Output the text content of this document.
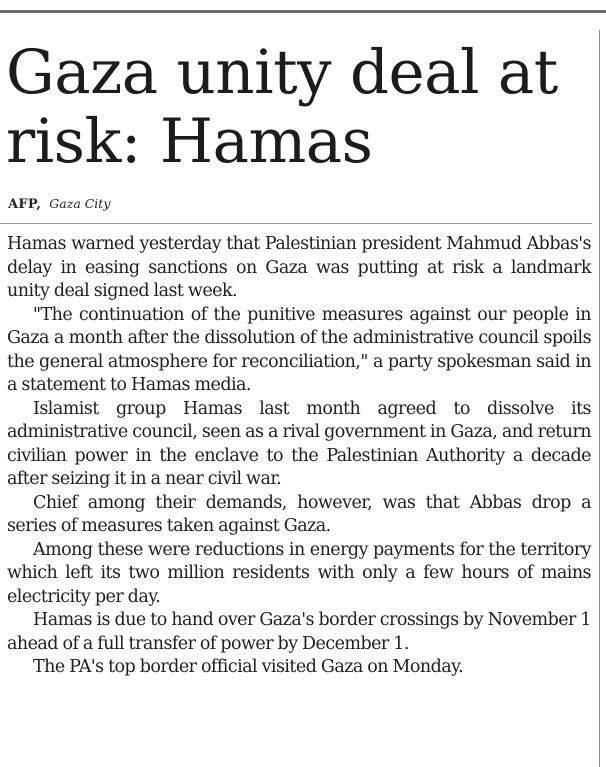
Gaza unity deal at risk: Hamas
AFP, Gaza City

Hamas warned yesterday that Palestinian president Mahmud Abbas's delay in easing sanctions on Gaza was putting at risk a landmark unity deal signed last week.

"The continuation of the punitive measures against our people in Gaza a month after the dissolution of the administrative council spoils the general atmosphere for reconciliation," a party spokesman said in a statement to Hamas media.

Islamist group Hamas last month agreed to dissolve its administrative council, seen as a rival government in Gaza, and return civilian power in the enclave to the Palestinian Authority a decade after seizing it in a near civil war.

Chief among their demands, however, was that Abbas drop a series of measures taken against Gaza.

Among these were reductions in energy payments for the territory which left its two million residents with only a few hours of mains electricity per day.

Hamas is due to hand over Gaza's border crossings by November 1 ahead of a full transfer of power by December 1.

The PA's top border official visited Gaza on Monday.
